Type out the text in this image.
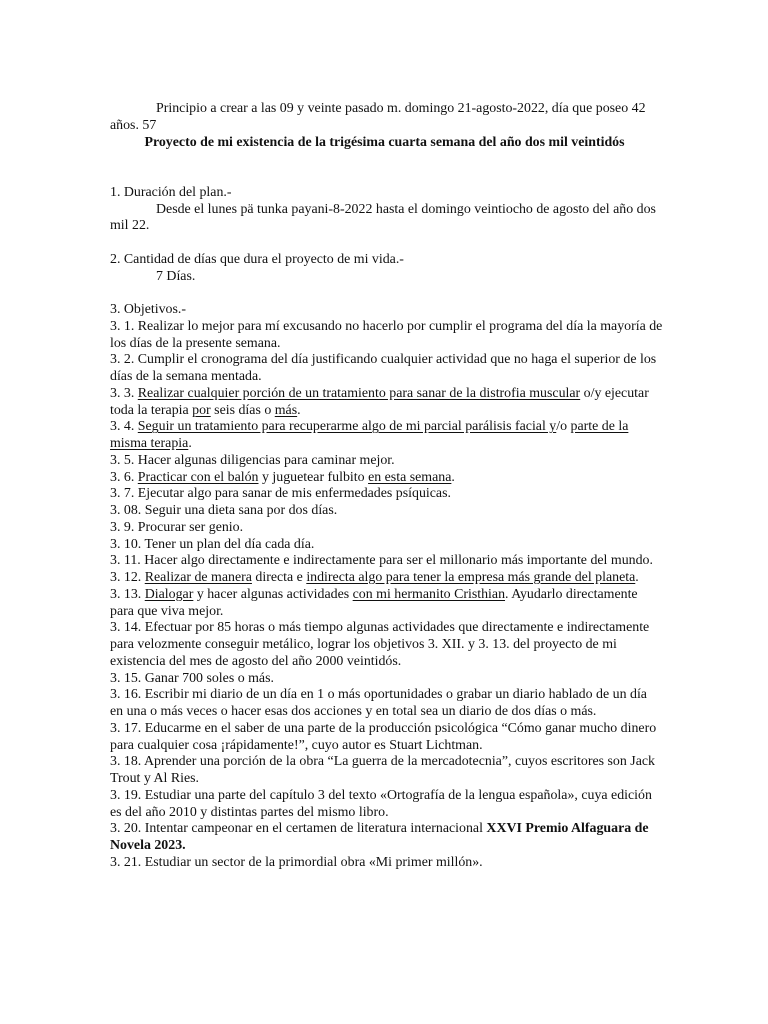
Principio a crear a las 09 y veinte pasado m. domingo 21-agosto-2022, día que poseo 42 años. 57

Proyecto de mi existencia de la trigésima cuarta semana del año dos mil veintidós

1. Duración del plan.-

Desde el lunes pä tunka payani-8-2022 hasta el domingo veintiocho de agosto del año dos mil 22.

2. Cantidad de días que dura el proyecto de mi vida.-

7 Días.

3. Objetivos.-

3. 1. Realizar lo mejor para mí excusando no hacerlo por cumplir el programa del día la mayoría de los días de la presente semana.

3. 2. Cumplir el cronograma del día justificando cualquier actividad que no haga el superior de los días de la semana mentada.

3. 3. Realizar cualquier porción de un tratamiento para sanar de la distrofia muscular o/y ejecutar toda la terapia por seis días o más.

3. 4. Seguir un tratamiento para recuperarme algo de mi parcial parálisis facial y/o parte de la misma terapia.

3. 5. Hacer algunas diligencias para caminar mejor.

3. 6. Practicar con el balón y juguetear fulbito en esta semana.

3. 7. Ejecutar algo para sanar de mis enfermedades psíquicas.

3. 08. Seguir una dieta sana por dos días.

3. 9. Procurar ser genio.

3. 10. Tener un plan del día cada día.

3. 11. Hacer algo directamente e indirectamente para ser el millonario más importante del mundo.

3. 12. Realizar de manera directa e indirecta algo para tener la empresa más grande del planeta.

3. 13. Dialogar y hacer algunas actividades con mi hermanito Cristhian. Ayudarlo directamente para que viva mejor.

3. 14. Efectuar por 85 horas o más tiempo algunas actividades que directamente e indirectamente para velozmente conseguir metálico, lograr los objetivos 3. XII. y 3. 13. del proyecto de mi existencia del mes de agosto del año 2000 veintidós.

3. 15. Ganar 700 soles o más.

3. 16. Escribir mi diario de un día en 1 o más oportunidades o grabar un diario hablado de un día en una o más veces o hacer esas dos acciones y en total sea un diario de dos días o más.

3. 17. Educarme en el saber de una parte de la producción psicológica “Cómo ganar mucho dinero para cualquier cosa ¡rápidamente!”, cuyo autor es Stuart Lichtman.

3. 18. Aprender una porción de la obra “La guerra de la mercadotecnia”, cuyos escritores son Jack Trout y Al Ries.

3. 19. Estudiar una parte del capítulo 3 del texto «Ortografía de la lengua española», cuya edición es del año 2010 y distintas partes del mismo libro.

3. 20. Intentar campeonar en el certamen de literatura internacional XXVI Premio Alfaguara de Novela 2023.

3. 21. Estudiar un sector de la primordial obra «Mi primer millón».
